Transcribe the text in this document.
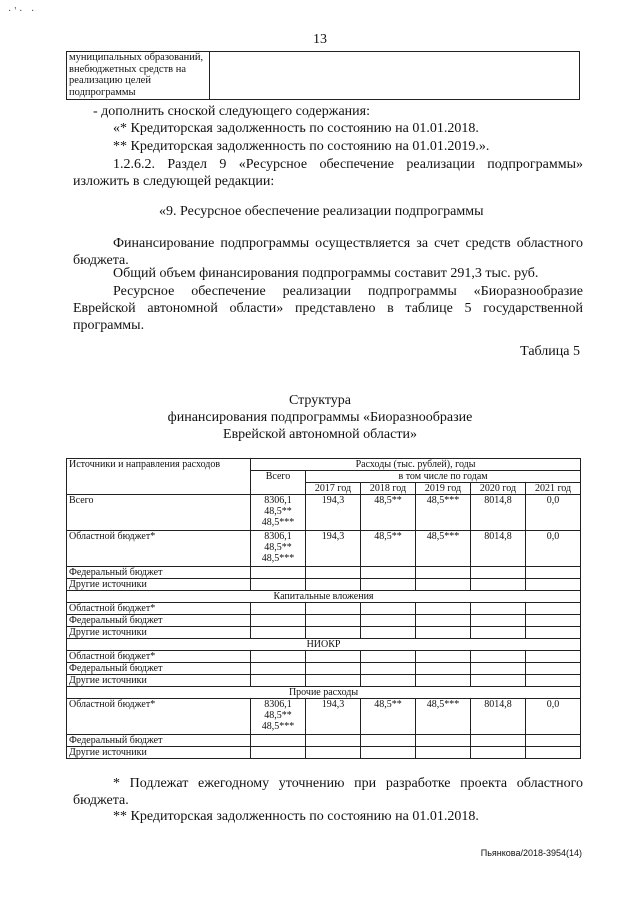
·'· ·
13
муниципальных образований, внебюджетных средств на реализацию целей подпрограммы	
- дополнить сноской следующего содержания:
«* Кредиторская задолженность по состоянию на 01.01.2018.
** Кредиторская задолженность по состоянию на 01.01.2019.».
1.2.6.2. Раздел 9 «Ресурсное обеспечение реализации подпрограммы» изложить в следующей редакции:
«9. Ресурсное обеспечение реализации подпрограммы
Финансирование подпрограммы осуществляется за счет средств областного бюджета.
Общий объем финансирования подпрограммы составит 291,3 тыс. руб.
Ресурсное обеспечение реализации подпрограммы «Биоразнообразие Еврейской автономной области» представлено в таблице 5 государственной программы.
Таблица 5
Структура
финансирования подпрограммы «Биоразнообразие
Еврейской автономной области»
Источники и направления расходов	Расходы (тыс. рублей), годы					
	Всего	в том числе по годам				
		2017 год	2018 год	2019 год	2020 год	2021 год
Всего	8306,1
48,5**
48,5***	194,3	48,5**	48,5***	8014,8	0,0
Областной бюджет*	8306,1
48,5**
48,5***	194,3	48,5**	48,5***	8014,8	0,0
Федеральный бюджет						
Другие источники						
Капитальные вложения						
Областной бюджет*						
Федеральный бюджет						
Другие источники						
НИОКР						
Областной бюджет*						
Федеральный бюджет						
Другие источники						
Прочие расходы						
Областной бюджет*	8306,1
48,5**
48,5***	194,3	48,5**	48,5***	8014,8	0,0
Федеральный бюджет						
Другие источники						
* Подлежат ежегодному уточнению при разработке проекта областного бюджета.
** Кредиторская задолженность по состоянию на 01.01.2018.
Пьянкова/2018-3954(14)
